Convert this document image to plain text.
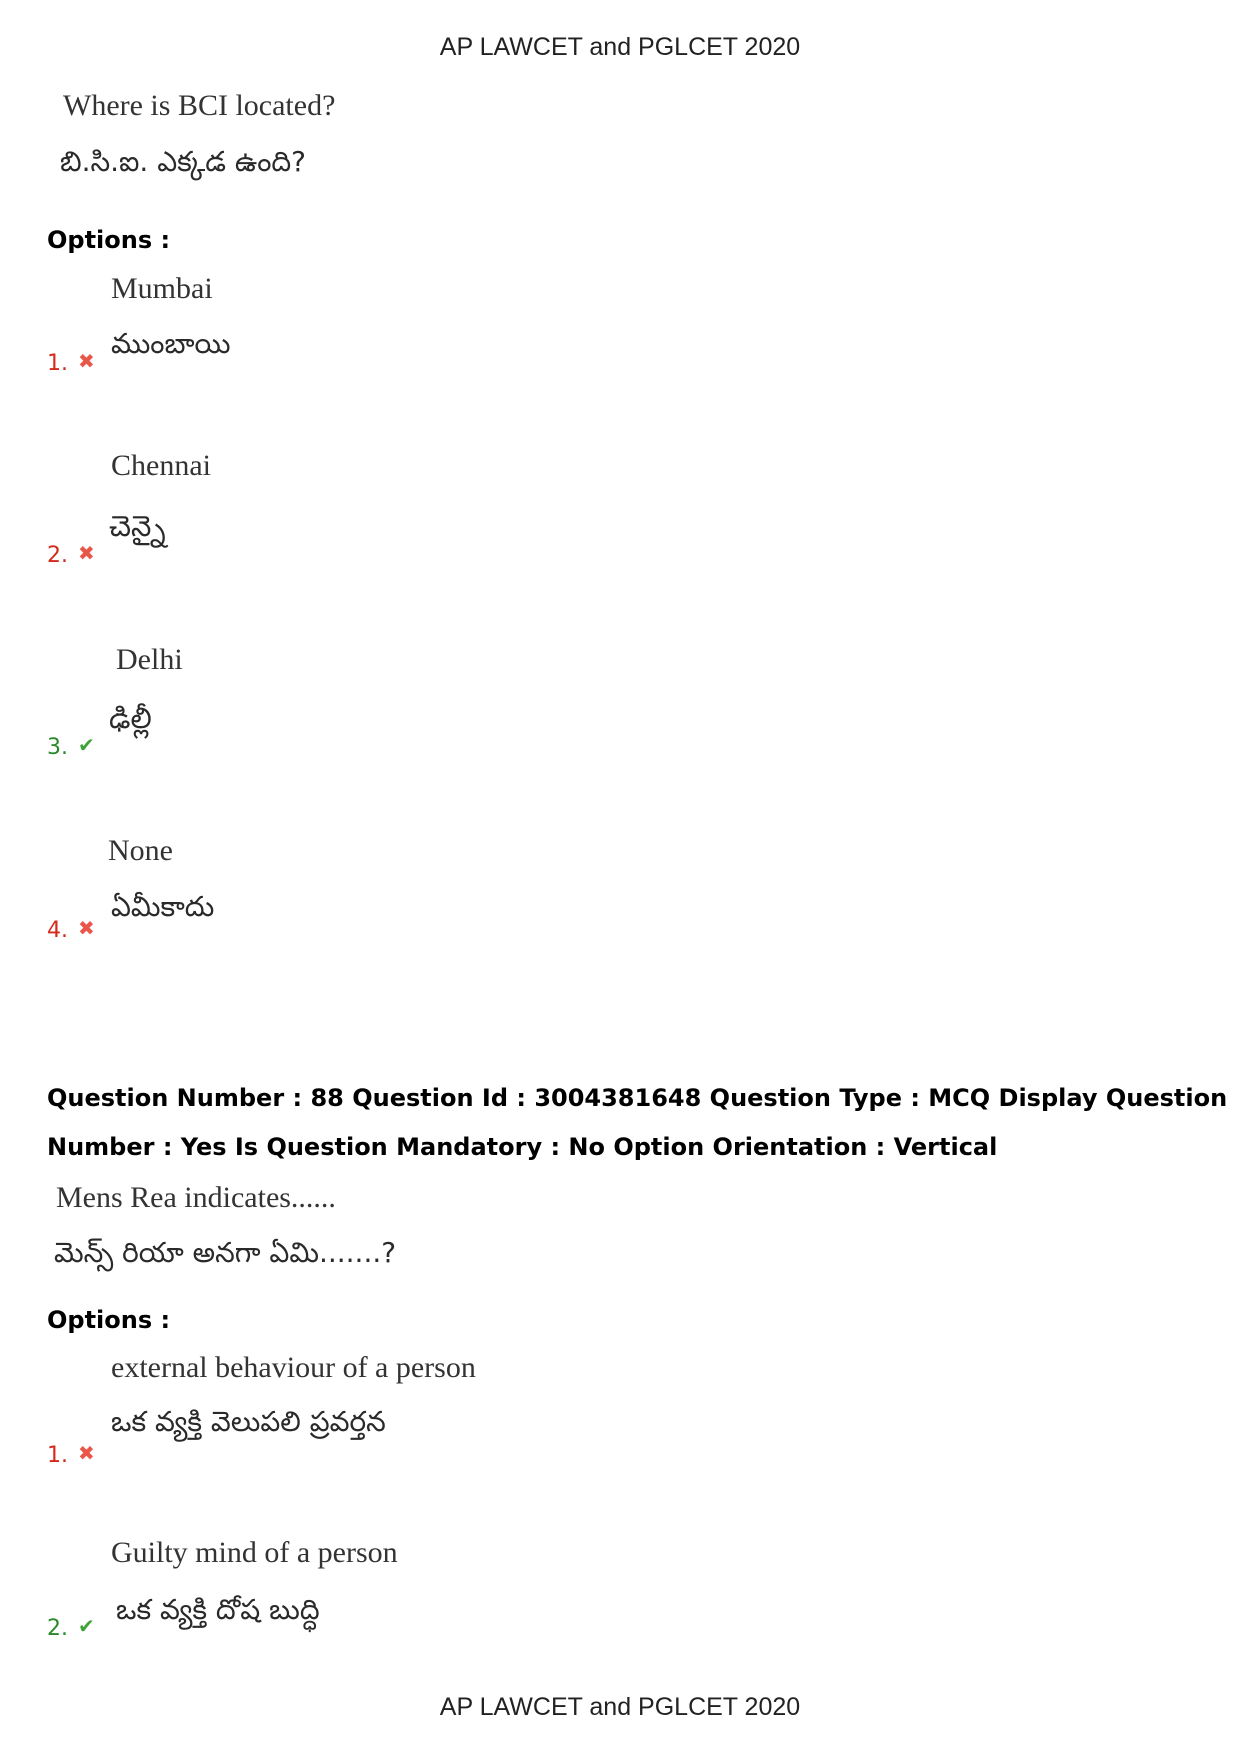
AP LAWCET and PGLCET 2020
Where is BCI located?
బి.సి.ఐ. ఎక్కడ ఉంది?
Options :
Mumbai
ముంబాయి
1. ✖
Chennai
చెన్నై
2. ✖
Delhi
ఢిల్లీ
3. ✔
None
ఏమీకాదు
4. ✖
Question Number : 88 Question Id : 3004381648 Question Type : MCQ Display Question
Number : Yes Is Question Mandatory : No Option Orientation : Vertical
Mens Rea indicates......
మెన్స్ రియా అనగా ఏమి.......?
Options :
external behaviour of a person
ఒక వ్యక్తి వెలుపలి ప్రవర్తన
1. ✖
Guilty mind of a person
ఒక వ్యక్తి దోష బుద్ధి
2. ✔
AP LAWCET and PGLCET 2020
